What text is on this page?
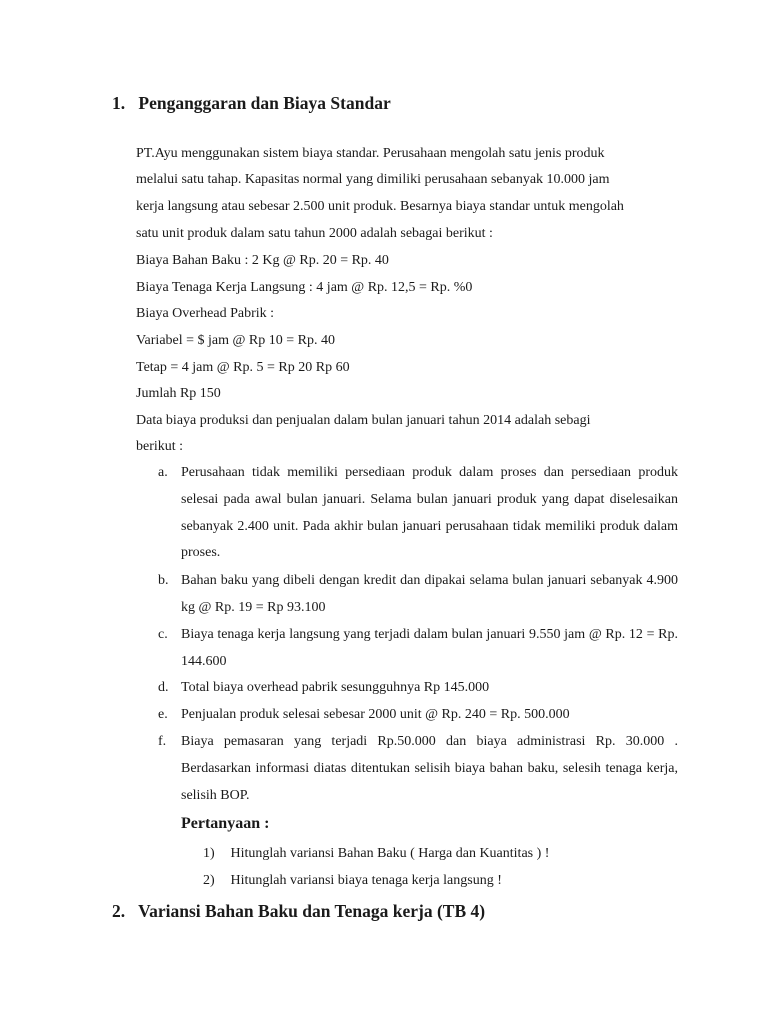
1. Penganggaran dan Biaya Standar
PT.Ayu menggunakan sistem biaya standar. Perusahaan mengolah satu jenis produk
melalui satu tahap. Kapasitas normal yang dimiliki perusahaan sebanyak 10.000 jam
kerja langsung atau sebesar 2.500 unit produk. Besarnya biaya standar untuk mengolah
satu unit produk dalam satu tahun 2000 adalah sebagai berikut :
Biaya Bahan Baku : 2 Kg @ Rp. 20 = Rp. 40
Biaya Tenaga Kerja Langsung : 4 jam @ Rp. 12,5 = Rp. %0
Biaya Overhead Pabrik :
Variabel = $ jam @ Rp 10 = Rp. 40
Tetap = 4 jam @ Rp. 5 = Rp 20 Rp 60
Jumlah Rp 150
Data biaya produksi dan penjualan dalam bulan januari tahun 2014 adalah sebagi
berikut :
a. Perusahaan tidak memiliki persediaan produk dalam proses dan persediaan produk selesai pada awal bulan januari. Selama bulan januari produk yang dapat diselesaikan sebanyak 2.400 unit. Pada akhir bulan januari perusahaan tidak memiliki produk dalam proses.
b. Bahan baku yang dibeli dengan kredit dan dipakai selama bulan januari sebanyak 4.900 kg @ Rp. 19 = Rp 93.100
c. Biaya tenaga kerja langsung yang terjadi dalam bulan januari 9.550 jam @ Rp. 12 = Rp. 144.600
d. Total biaya overhead pabrik sesungguhnya Rp 145.000
e. Penjualan produk selesai sebesar 2000 unit @ Rp. 240 = Rp. 500.000
f. Biaya pemasaran yang terjadi Rp.50.000 dan biaya administrasi Rp. 30.000 . Berdasarkan informasi diatas ditentukan selisih biaya bahan baku, selesih tenaga kerja, selisih BOP.
Pertanyaan :
1) Hitunglah variansi Bahan Baku ( Harga dan Kuantitas ) !
2) Hitunglah variansi biaya tenaga kerja langsung !
2. Variansi Bahan Baku dan Tenaga kerja (TB 4)
